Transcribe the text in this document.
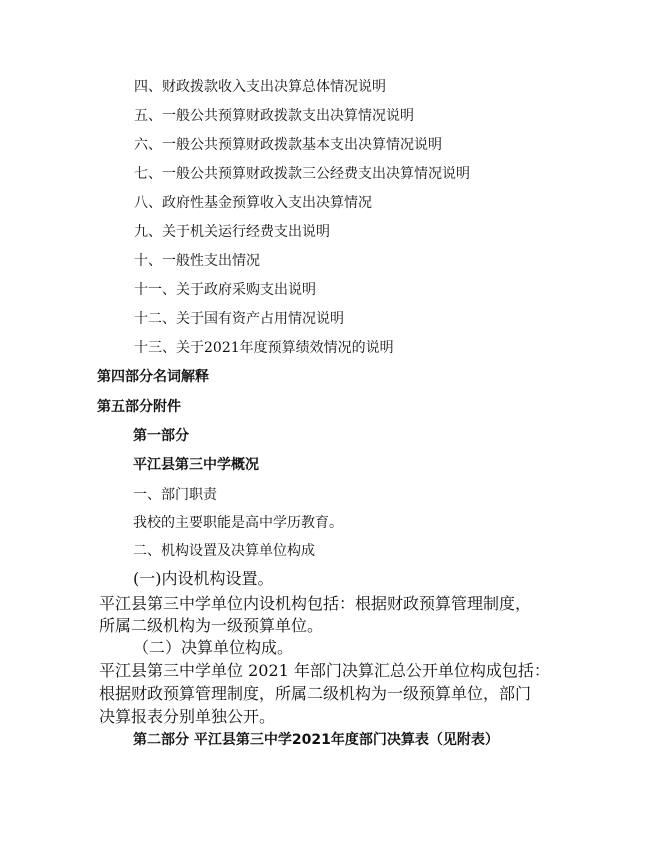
四、财政拨款收入支出决算总体情况说明
五、一般公共预算财政拨款支出决算情况说明
六、一般公共预算财政拨款基本支出决算情况说明
七、一般公共预算财政拨款三公经费支出决算情况说明
八、政府性基金预算收入支出决算情况
九、关于机关运行经费支出说明
十、一般性支出情况
十一、关于政府采购支出说明
十二、关于国有资产占用情况说明
十三、关于2021年度预算绩效情况的说明
第四部分名词解释
第五部分附件
第一部分
平江县第三中学概况
一、部门职责
我校的主要职能是高中学历教育。
二、机构设置及决算单位构成
(一)内设机构设置。
平江县第三中学单位内设机构包括：根据财政预算管理制度，
所属二级机构为一级预算单位。
（二）决算单位构成。
平江县第三中学单位 2021 年部门决算汇总公开单位构成包括：
根据财政预算管理制度，所属二级机构为一级预算单位，部门
决算报表分别单独公开。
第二部分 平江县第三中学2021年度部门决算表（见附表）
